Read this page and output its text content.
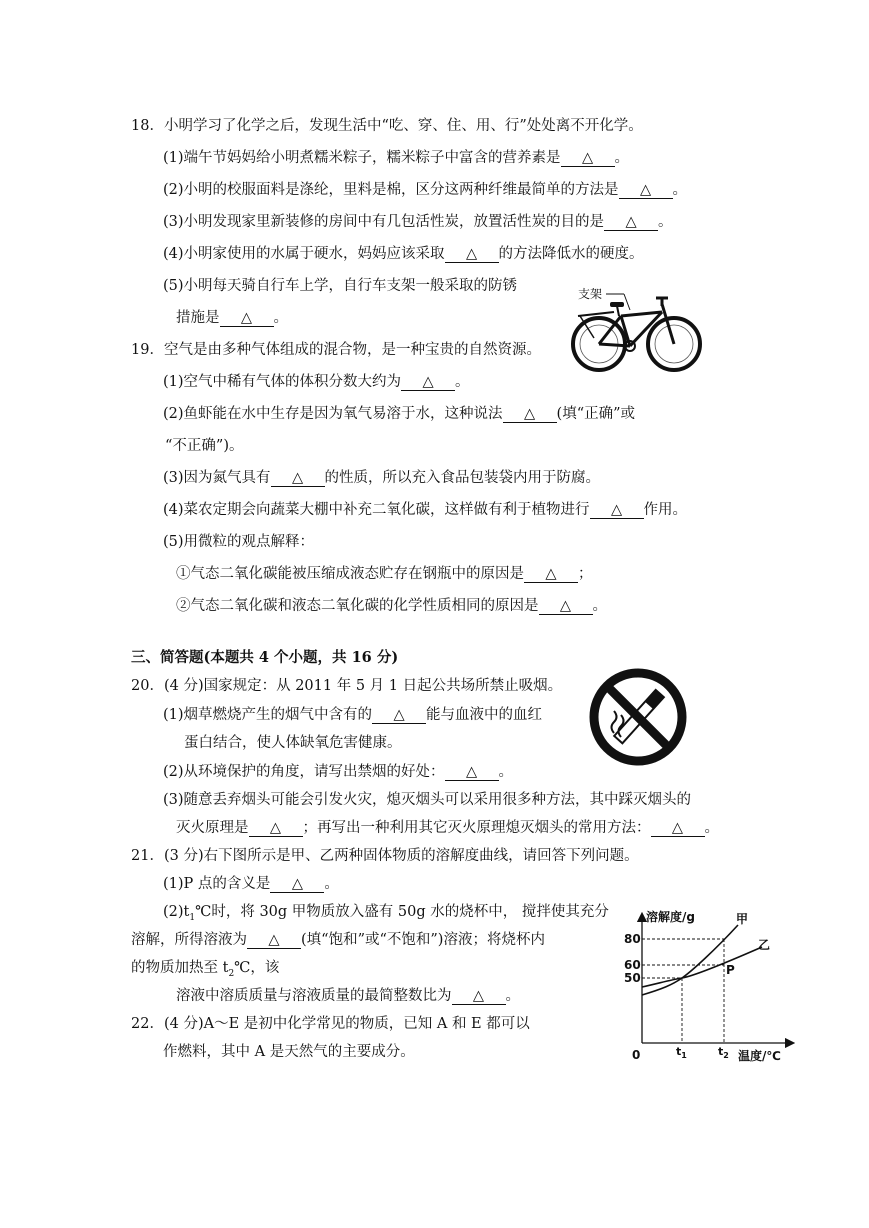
18．小明学习了化学之后，发现生活中“吃、穿、住、用、行”处处离不开化学。
(1)端午节妈妈给小明煮糯米粽子，糯米粽子中富含的营养素是 △ 。
(2)小明的校服面料是涤纶，里料是棉，区分这两种纤维最简单的方法是 △ 。
(3)小明发现家里新装修的房间中有几包活性炭，放置活性炭的目的是 △ 。
(4)小明家使用的水属于硬水，妈妈应该采取 △ 的方法降低水的硬度。
(5)小明每天骑自行车上学，自行车支架一般采取的防锈
措施是 △ 。
支架
19．空气是由多种气体组成的混合物，是一种宝贵的自然资源。
(1)空气中稀有气体的体积分数大约为 △ 。
(2)鱼虾能在水中生存是因为氧气易溶于水，这种说法 △ (填“正确”或
“不正确”)。
(3)因为氮气具有 △ 的性质，所以充入食品包装袋内用于防腐。
(4)菜农定期会向蔬菜大棚中补充二氧化碳，这样做有利于植物进行 △ 作用。
(5)用微粒的观点解释：
①气态二氧化碳能被压缩成液态贮存在钢瓶中的原因是 △ ；
②气态二氧化碳和液态二氧化碳的化学性质相同的原因是 △ 。
三、简答题(本题共 4 个小题，共 16 分)
20．(4 分)国家规定：从 2011 年 5 月 1 日起公共场所禁止吸烟。
(1)烟草燃烧产生的烟气中含有的 △ 能与血液中的血红
蛋白结合，使人体缺氧危害健康。
(2)从环境保护的角度，请写出禁烟的好处： △ 。
(3)随意丢弃烟头可能会引发火灾，熄灭烟头可以采用很多种方法，其中踩灭烟头的
灭火原理是 △ ；再写出一种利用其它灭火原理熄灭烟头的常用方法： △ 。
21．(3 分)右下图所示是甲、乙两种固体物质的溶解度曲线，请回答下列问题。
(1)P 点的含义是 △ 。
$(2)t_1℃$时，将 30g 甲物质放入盛有 50g 水的烧杯中， 搅拌使其充分
溶解，所得溶液为 △ (填“饱和”或“不饱和”)溶液；将烧杯内
的物质加热至 $t_2℃$，该
溶液中溶质质量与溶液质量的最简整数比为 △ 。
溶解度/g
温度/℃
0
80
60
50
$t_1$	$t_2$
甲
乙
P
22．(4 分)A～E 是初中化学常见的物质，已知 A 和 E 都可以
作燃料，其中 A 是天然气的主要成分。
